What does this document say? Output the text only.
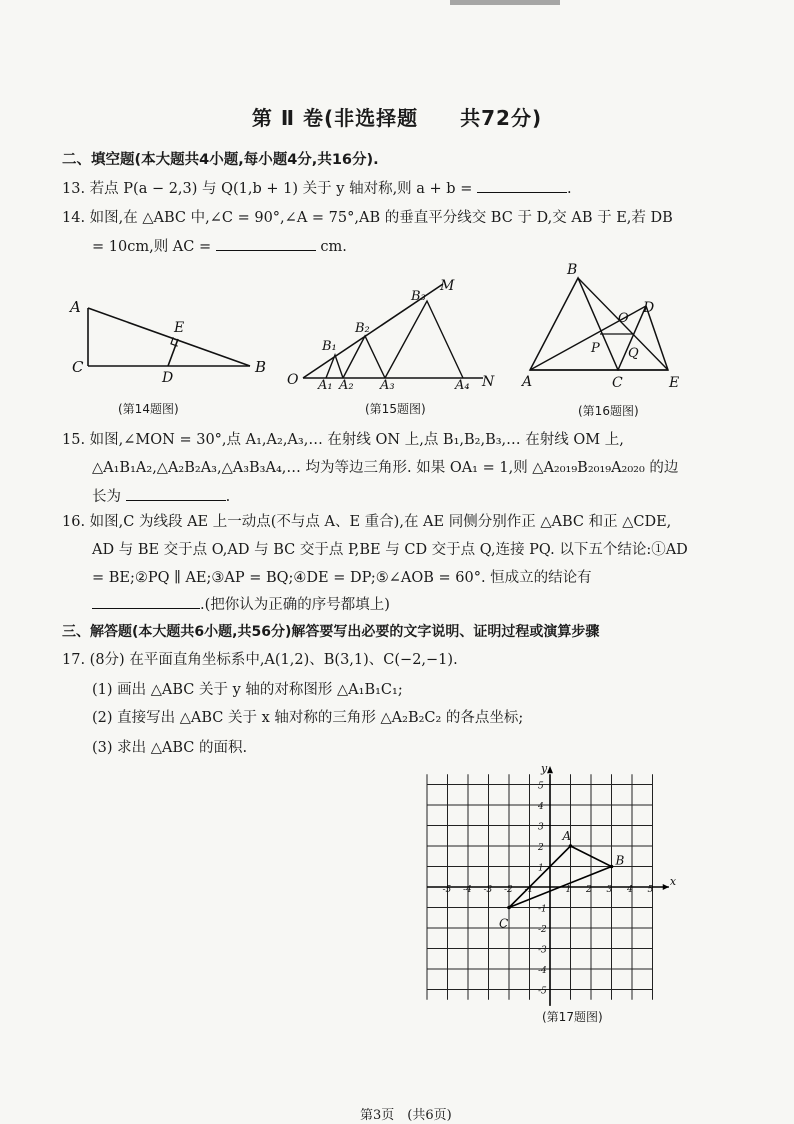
第 Ⅱ 卷(非选择题　　共72分)
二、填空题(本大题共4小题,每小题4分,共16分).
13. 若点 P(a − 2,3) 与 Q(1,b + 1) 关于 y 轴对称,则 a + b =	.
14. 如图,在 △ABC 中,∠C = 90°,∠A = 75°,AB 的垂直平分线交 BC 于 D,交 AB 于 E,若 DB
= 10cm,则 AC =	cm.
A
C	B
E
D
(第14题图)
O A₁ A₂ A₃	A₄ N
B₁
B₂
B₃
M
(第15题图)
A
B
C
D
E
O
P Q
(第16题图)
15. 如图,∠MON = 30°,点 A₁,A₂,A₃,… 在射线 ON 上,点 B₁,B₂,B₃,… 在射线 OM 上,
△A₁B₁A₂,△A₂B₂A₃,△A₃B₃A₄,… 均为等边三角形. 如果 OA₁ = 1,则 △A₂₀₁₉B₂₀₁₉A₂₀₂₀ 的边
长为	.
16. 如图,C 为线段 AE 上一动点(不与点 A、E 重合),在 AE 同侧分别作正 △ABC 和正 △CDE,
AD 与 BE 交于点 O,AD 与 BC 交于点 P,BE 与 CD 交于点 Q,连接 PQ. 以下五个结论:①AD
= BE;②PQ ∥ AE;③AP = BQ;④DE = DP;⑤∠AOB = 60°. 恒成立的结论有
.(把你认为正确的序号都填上)
三、解答题(本大题共6小题,共56分)解答要写出必要的文字说明、证明过程或演算步骤
17. (8分) 在平面直角坐标系中,A(1,2)、B(3,1)、C(−2,−1).
(1) 画出 △ABC 关于 y 轴的对称图形 △A₁B₁C₁;
(2) 直接写出 △ABC 关于 x 轴对称的三角形 △A₂B₂C₂ 的各点坐标;
(3) 求出 △ABC 的面积.
x
y
-5 -4 -3 -2 -1	1 2 3 4 5
5
4
3
2
1
-1
-2
-3
-4
-5
A
B
C
(第17题图)
第3页　(共6页)
